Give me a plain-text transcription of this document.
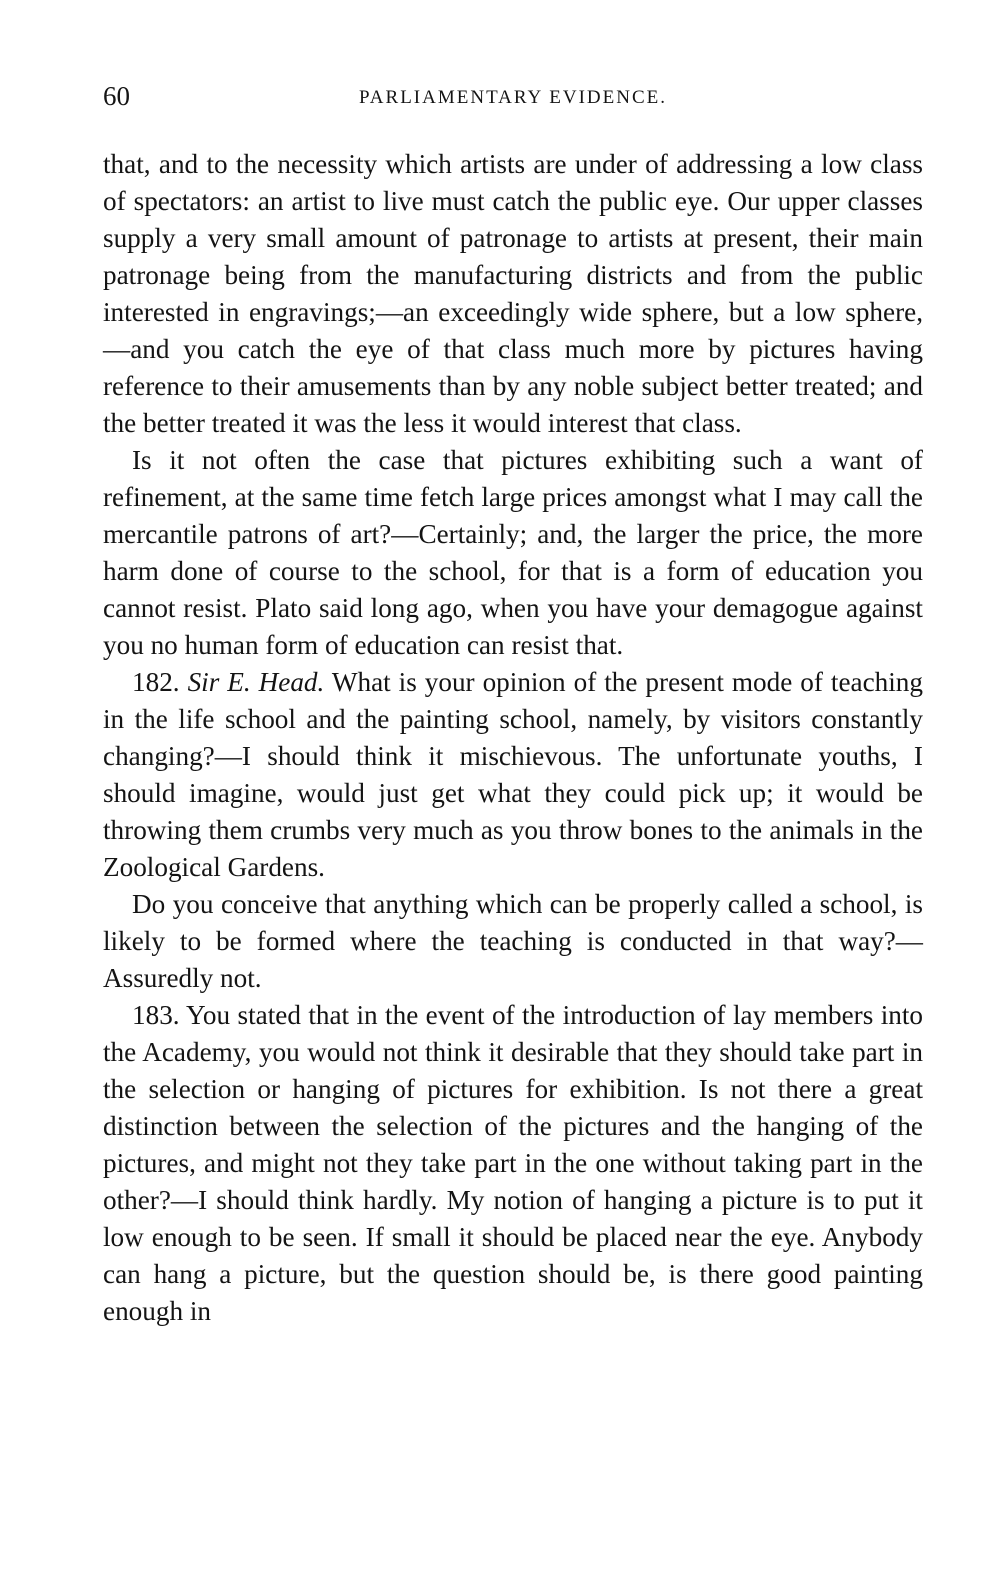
60	PARLIAMENTARY EVIDENCE.

that, and to the necessity which artists are under of addressing a low class of spectators: an artist to live must catch the public eye. Our upper classes supply a very small amount of patronage to artists at present, their main patronage being from the manufacturing districts and from the public interested in engravings;—an exceedingly wide sphere, but a low sphere,—and you catch the eye of that class much more by pictures having reference to their amusements than by any noble subject better treated; and the better treated it was the less it would interest that class.

Is it not often the case that pictures exhibiting such a want of refinement, at the same time fetch large prices amongst what I may call the mercantile patrons of art?—Certainly; and, the larger the price, the more harm done of course to the school, for that is a form of education you cannot resist. Plato said long ago, when you have your demagogue against you no human form of education can resist that.

182. Sir E. Head. What is your opinion of the present mode of teaching in the life school and the painting school, namely, by visitors constantly changing?—I should think it mischievous. The unfortunate youths, I should imagine, would just get what they could pick up; it would be throwing them crumbs very much as you throw bones to the animals in the Zoological Gardens.

Do you conceive that anything which can be properly called a school, is likely to be formed where the teaching is conducted in that way?—Assuredly not.

183. You stated that in the event of the introduction of lay members into the Academy, you would not think it desirable that they should take part in the selection or hanging of pictures for exhibition. Is not there a great distinction between the selection of the pictures and the hanging of the pictures, and might not they take part in the one without taking part in the other?—I should think hardly. My notion of hanging a picture is to put it low enough to be seen. If small it should be placed near the eye. Anybody can hang a picture, but the question should be, is there good painting enough in
